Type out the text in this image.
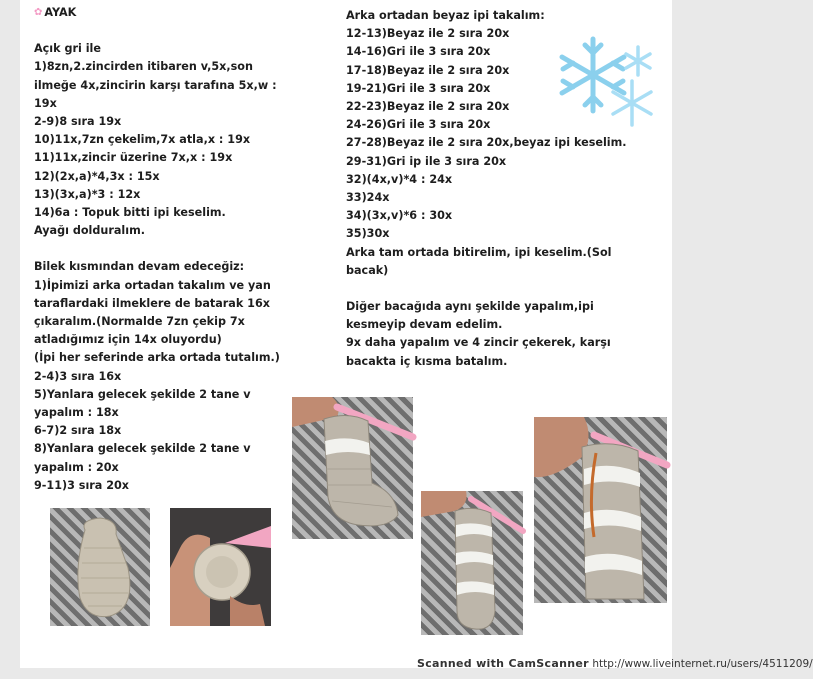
✿ AYAK

Açık gri ile

1)8zn,2.zincirden itibaren v,5x,son

ilmeğe 4x,zincirin karşı tarafına 5x,w :

19x

2-9)8 sıra 19x

10)11x,7zn çekelim,7x atla,x : 19x

11)11x,zincir üzerine 7x,x : 19x

12)(2x,a)*4,3x : 15x

13)(3x,a)*3 : 12x

14)6a : Topuk bitti ipi keselim.

Ayağı dolduralım.

Bilek kısmından devam edeceğiz:

1)İpimizi arka ortadan takalım ve yan

taraflardaki ilmeklere de batarak 16x

çıkaralım.(Normalde 7zn çekip 7x

atladığımız için 14x oluyordu)

(İpi her seferinde arka ortada tutalım.)

2-4)3 sıra 16x

5)Yanlara gelecek şekilde 2 tane v

yapalım : 18x

6-7)2 sıra 18x

8)Yanlara gelecek şekilde 2 tane v

yapalım : 20x

9-11)3 sıra 20x

Arka ortadan beyaz ipi takalım:

12-13)Beyaz ile 2 sıra 20x

14-16)Gri ile 3 sıra 20x

17-18)Beyaz ile 2 sıra 20x

19-21)Gri ile 3 sıra 20x

22-23)Beyaz ile 2 sıra 20x

24-26)Gri ile 3 sıra 20x

27-28)Beyaz ile 2 sıra 20x,beyaz ipi keselim.

29-31)Gri ip ile 3 sıra 20x

32)(4x,v)*4 : 24x

33)24x

34)(3x,v)*6 : 30x

35)30x

Arka tam ortada bitirelim, ipi keselim.(Sol

bacak)

Diğer bacağıda aynı şekilde yapalım,ipi

kesmeyip devam edelim.

9x daha yapalım ve 4 zincir çekerek, karşı

bacakta iç kısma batalım.

Scanned with CamScanner http://www.liveinternet.ru/users/4511209/
